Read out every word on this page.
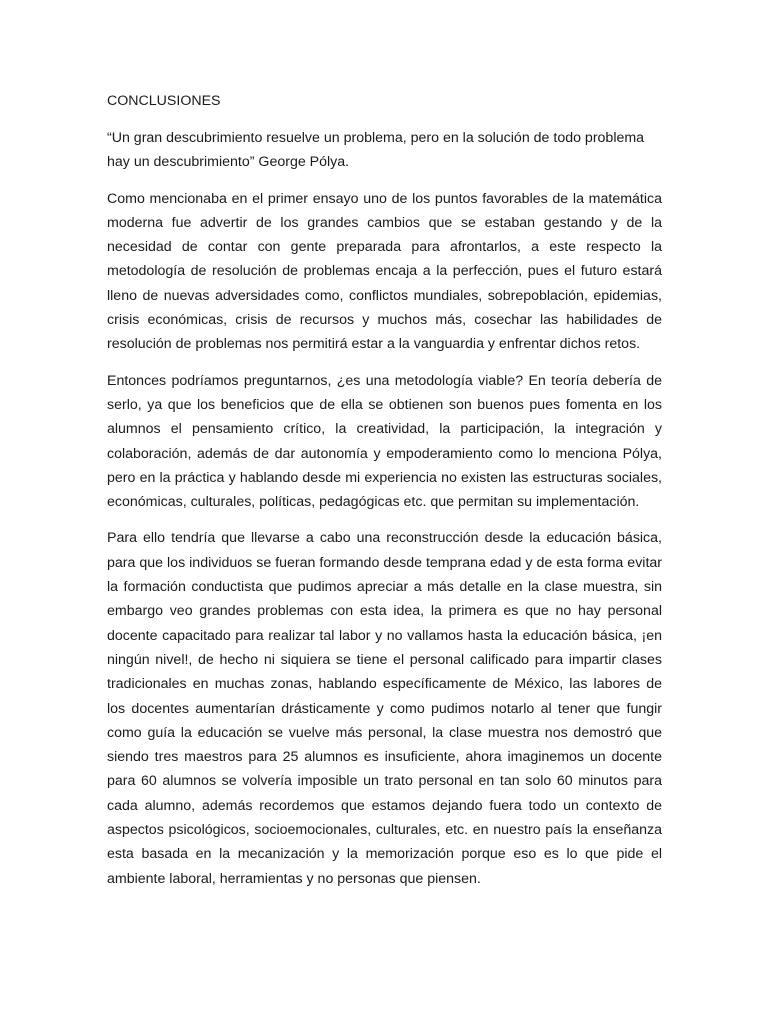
CONCLUSIONES

“Un gran descubrimiento resuelve un problema, pero en la solución de todo problema hay un descubrimiento” George Pólya.

Como mencionaba en el primer ensayo uno de los puntos favorables de la matemática moderna fue advertir de los grandes cambios que se estaban gestando y de la necesidad de contar con gente preparada para afrontarlos, a este respecto la metodología de resolución de problemas encaja a la perfección, pues el futuro estará lleno de nuevas adversidades como, conflictos mundiales, sobrepoblación, epidemias, crisis económicas, crisis de recursos y muchos más, cosechar las habilidades de resolución de problemas nos permitirá estar a la vanguardia y enfrentar dichos retos.

Entonces podríamos preguntarnos, ¿es una metodología viable? En teoría debería de serlo, ya que los beneficios que de ella se obtienen son buenos pues fomenta en los alumnos el pensamiento crítico, la creatividad, la participación, la integración y colaboración, además de dar autonomía y empoderamiento como lo menciona Pólya, pero en la práctica y hablando desde mi experiencia no existen las estructuras sociales, económicas, culturales, políticas, pedagógicas etc. que permitan su implementación.

Para ello tendría que llevarse a cabo una reconstrucción desde la educación básica, para que los individuos se fueran formando desde temprana edad y de esta forma evitar la formación conductista que pudimos apreciar a más detalle en la clase muestra, sin embargo veo grandes problemas con esta idea, la primera es que no hay personal docente capacitado para realizar tal labor y no vallamos hasta la educación básica, ¡en ningún nivel!, de hecho ni siquiera se tiene el personal calificado para impartir clases tradicionales en muchas zonas, hablando específicamente de México, las labores de los docentes aumentarían drásticamente y como pudimos notarlo al tener que fungir como guía la educación se vuelve más personal, la clase muestra nos demostró que siendo tres maestros para 25 alumnos es insuficiente, ahora imaginemos un docente para 60 alumnos se volvería imposible un trato personal en tan solo 60 minutos para cada alumno, además recordemos que estamos dejando fuera todo un contexto de aspectos psicológicos, socioemocionales, culturales, etc. en nuestro país la enseñanza esta basada en la mecanización y la memorización porque eso es lo que pide el ambiente laboral, herramientas y no personas que piensen.
